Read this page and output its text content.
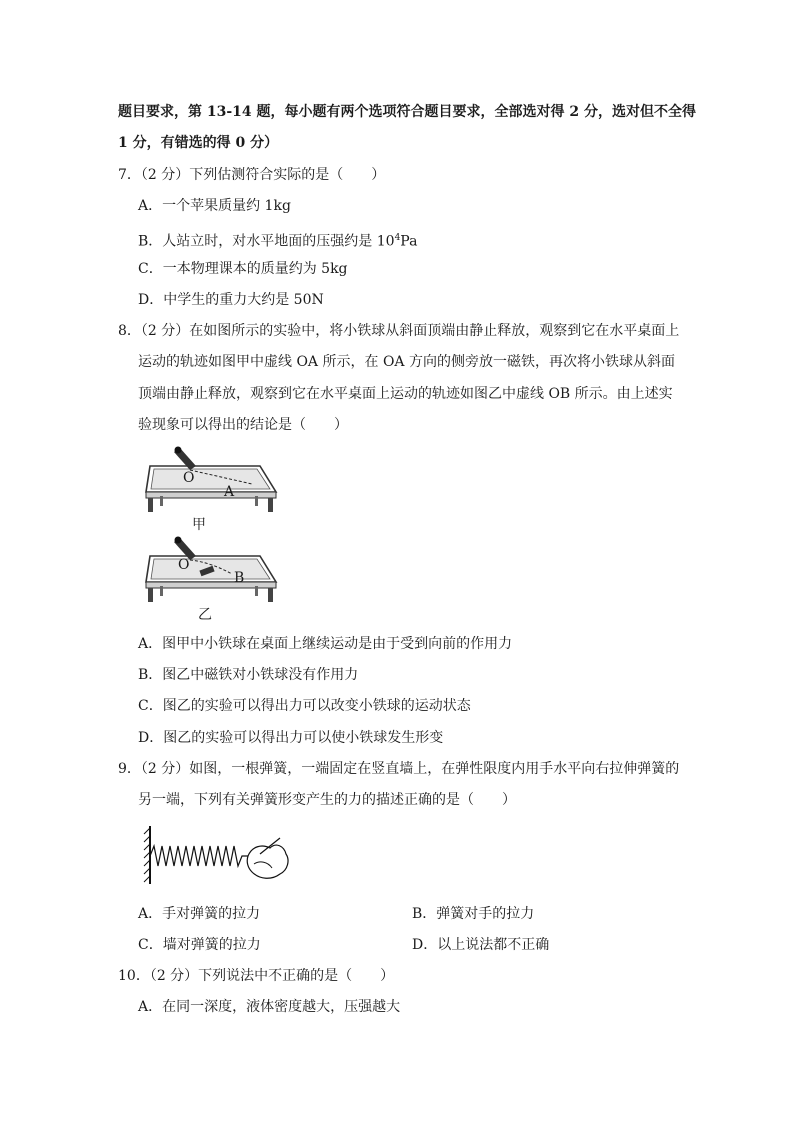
题目要求，第 13-14 题，每小题有两个选项符合题目要求，全部选对得 2 分，选对但不全得
1 分，有错选的得 0 分）
7．（2 分）下列估测符合实际的是（　　）
A．一个苹果质量约 1kg
B．人站立时，对水平地面的压强约是 $10^4Pa$
C．一本物理课本的质量约为 5kg
D．中学生的重力大约是 50N
8．（2 分）在如图所示的实验中，将小铁球从斜面顶端由静止释放，观察到它在水平桌面上
运动的轨迹如图甲中虚线 OA 所示，在 OA 方向的侧旁放一磁铁，再次将小铁球从斜面
顶端由静止释放，观察到它在水平桌面上运动的轨迹如图乙中虚线 OB 所示。由上述实
验现象可以得出的结论是（　　）
O
A
甲
O
B
乙
A．图甲中小铁球在桌面上继续运动是由于受到向前的作用力
B．图乙中磁铁对小铁球没有作用力
C．图乙的实验可以得出力可以改变小铁球的运动状态
D．图乙的实验可以得出力可以使小铁球发生形变
9．（2 分）如图，一根弹簧，一端固定在竖直墙上，在弹性限度内用手水平向右拉伸弹簧的
另一端，下列有关弹簧形变产生的力的描述正确的是（　　）
A．手对弹簧的拉力	B．弹簧对手的拉力
C．墙对弹簧的拉力	D．以上说法都不正确
10．（2 分）下列说法中不正确的是（　　）
A．在同一深度，液体密度越大，压强越大
